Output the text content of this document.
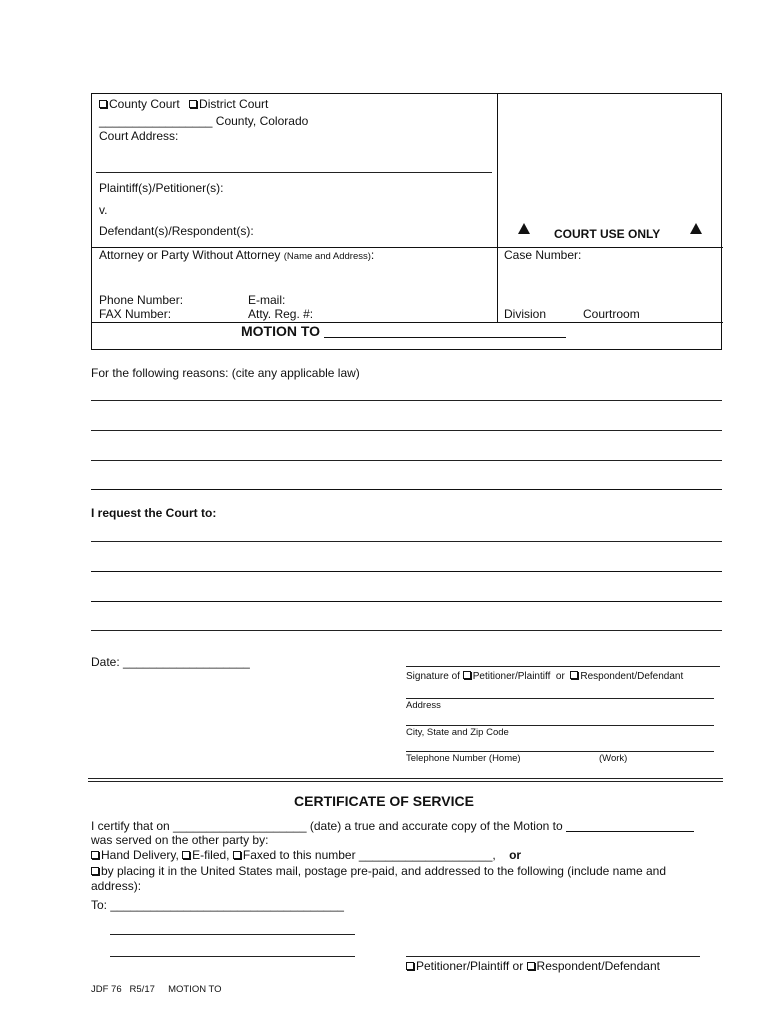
County Court District Court
_________________ County, Colorado
Court Address:
Plaintiff(s)/Petitioner(s):
v.
Defendant(s)/Respondent(s):	COURT USE ONLY
Attorney or Party Without Attorney (Name and Address):	Case Number:
Phone Number:	E-mail:
FAX Number:	Atty. Reg. #:	Division	Courtroom
MOTION TO
For the following reasons: (cite any applicable law)
I request the Court to:
Date: ___________________
Signature of Petitioner/Plaintiff or Respondent/Defendant
Address
City, State and Zip Code
Telephone Number (Home)	(Work)
CERTIFICATE OF SERVICE
I certify that on ____________________ (date) a true and accurate copy of the Motion to
was served on the other party by:
Hand Delivery, E-filed, Faxed to this number ____________________, or
by placing it in the United States mail, postage pre-paid, and addressed to the following (include name and
address):
To: ___________________________________
Petitioner/Plaintiff or Respondent/Defendant
JDF 76   R5/17     MOTION TO
